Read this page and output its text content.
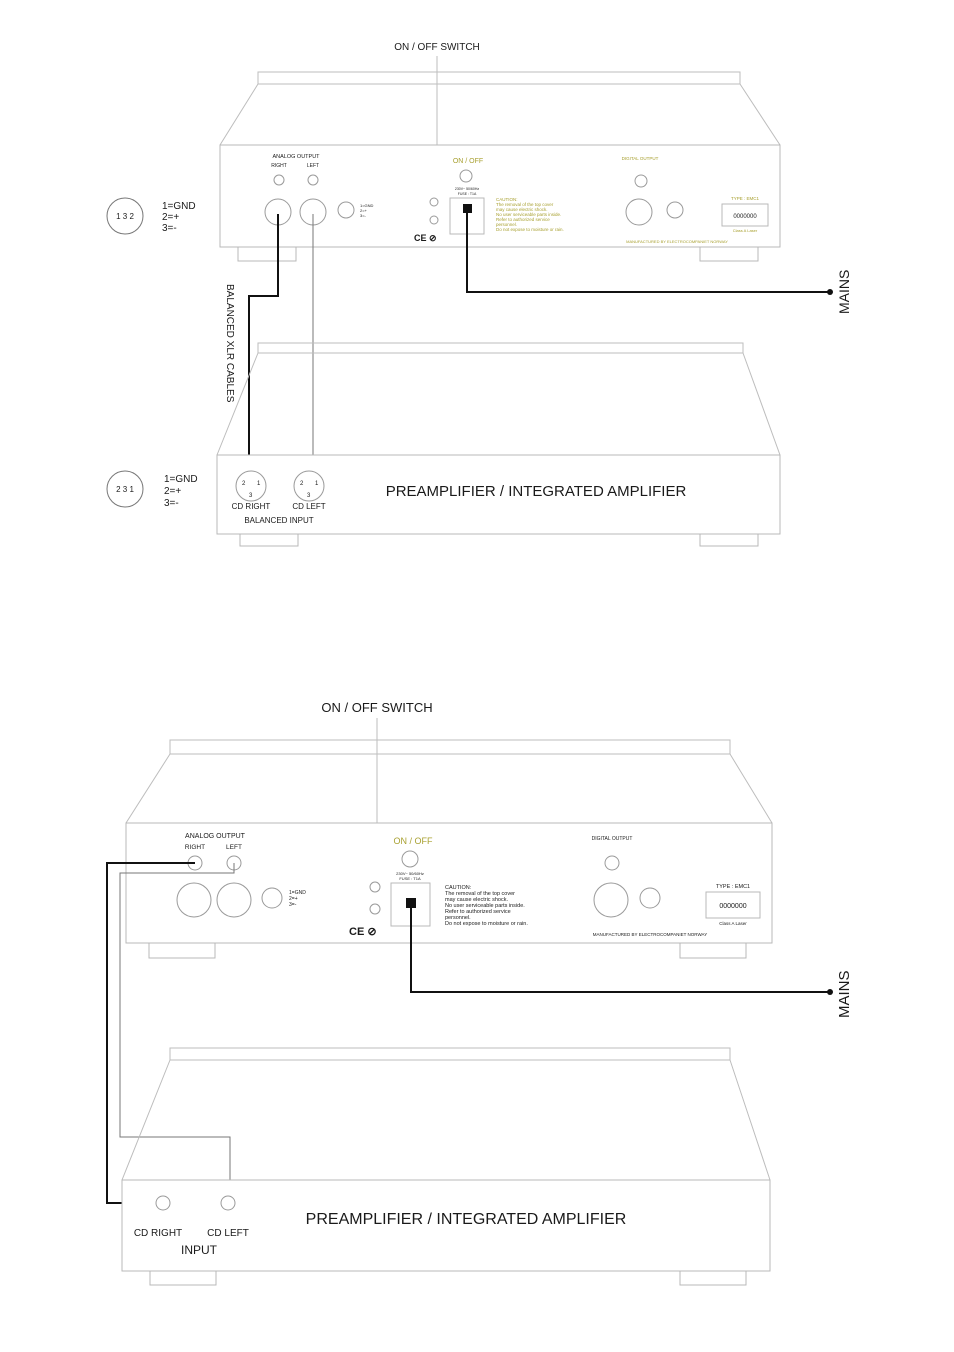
ON / OFF SWITCH
ANALOG OUTPUT
RIGHT	LEFT
1=GND
2=+
3=-
ON / OFF
230V~ 50/60Hz
FUSE : T1A
CE ⊘
CAUTION:
The removal of the top cover
may cause electric shock.
No user serviceable parts inside.
Refer to authorized service
personnel.
Do not expose to moisture or rain.
DIGITAL OUTPUT
TYPE : EMC1
0000000
Class A Laser
MANUFACTURED BY ELECTROCOMPANIET NORWAY
1 3 2
1=GND
2=+
3=-
2 3 1
1=GND
2=+
3=-
BALANCED XLR CABLES	MAINS
2 1
3
2 1
3
CD RIGHT	CD LEFT
BALANCED INPUT
PREAMPLIFIER / INTEGRATED AMPLIFIER
ON / OFF SWITCH
ANALOG OUTPUT
RIGHT	LEFT
1=GND
2=+
3=-
ON / OFF
230V~ 50/60Hz
FUSE : T1A
CE ⊘
CAUTION:
The removal of the top cover
may cause electric shock.
No user serviceable parts inside.
Refer to authorized service
personnel.
Do not expose to moisture or rain.
DIGITAL OUTPUT
TYPE : EMC1
0000000
Class A Laser
MANUFACTURED BY ELECTROCOMPANIET NORWAY
MAINS
CD RIGHT CD LEFT
INPUT
PREAMPLIFIER / INTEGRATED AMPLIFIER
